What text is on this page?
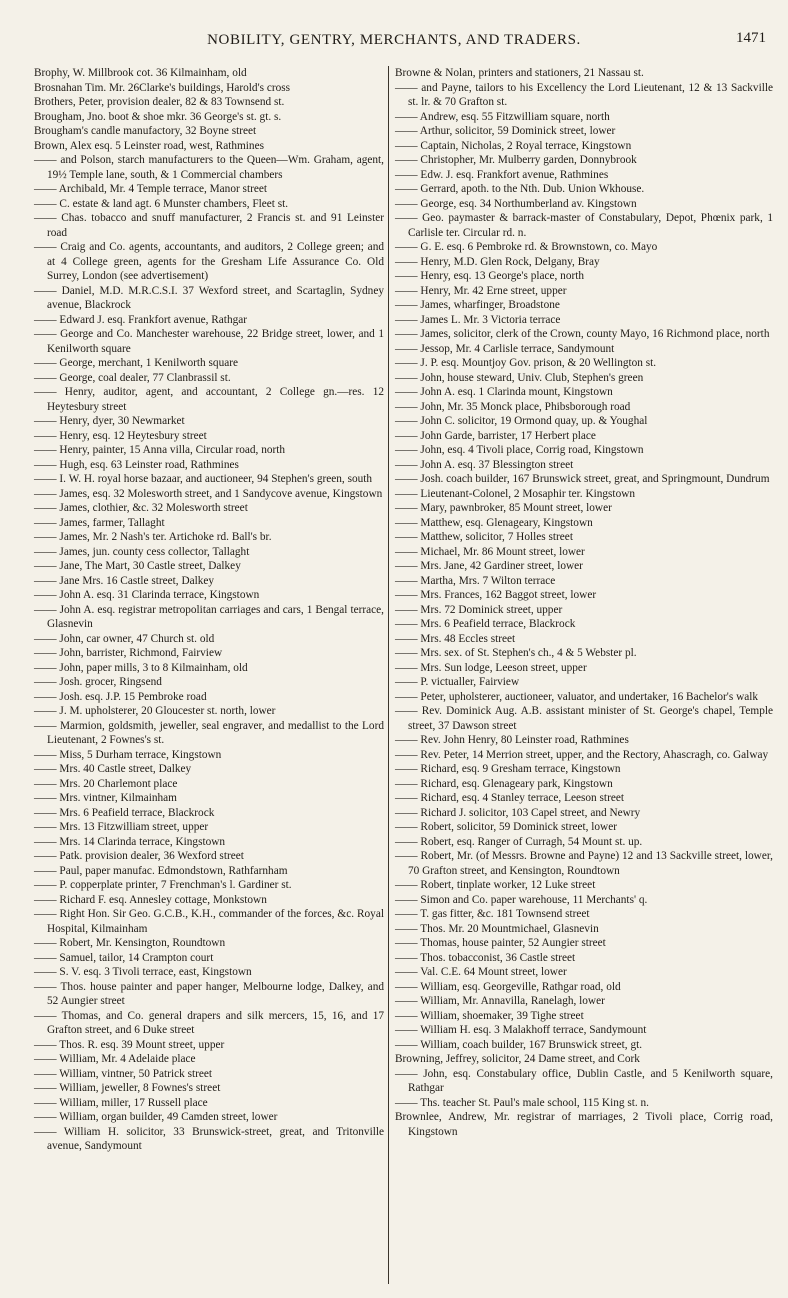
NOBILITY, GENTRY, MERCHANTS, AND TRADERS.	1471

Brophy, W. Millbrook cot. 36 Kilmainham, old

Brosnahan Tim. Mr. 26Clarke's buildings, Harold's cross

Brothers, Peter, provision dealer, 82 & 83 Townsend st.

Brougham, Jno. boot & shoe mkr. 36 George's st. gt. s.

Brougham's candle manufactory, 32 Boyne street

Brown, Alex esq. 5 Leinster road, west, Rathmines

—— and Polson, starch manufacturers to the Queen—Wm. Graham, agent, 19½ Temple lane, south, & 1 Commercial chambers

—— Archibald, Mr. 4 Temple terrace, Manor street

—— C. estate & land agt. 6 Munster chambers, Fleet st.

—— Chas. tobacco and snuff manufacturer, 2 Francis st. and 91 Leinster road

—— Craig and Co. agents, accountants, and auditors, 2 College green; and at 4 College green, agents for the Gresham Life Assurance Co. Old Surrey, London (see advertisement)

—— Daniel, M.D. M.R.C.S.I. 37 Wexford street, and Scartaglin, Sydney avenue, Blackrock

—— Edward J. esq. Frankfort avenue, Rathgar

—— George and Co. Manchester warehouse, 22 Bridge street, lower, and 1 Kenilworth square

—— George, merchant, 1 Kenilworth square

—— George, coal dealer, 77 Clanbrassil st.

—— Henry, auditor, agent, and accountant, 2 College gn.—res. 12 Heytesbury street

—— Henry, dyer, 30 Newmarket

—— Henry, esq. 12 Heytesbury street

—— Henry, painter, 15 Anna villa, Circular road, north

—— Hugh, esq. 63 Leinster road, Rathmines

—— I. W. H. royal horse bazaar, and auctioneer, 94 Stephen's green, south

—— James, esq. 32 Molesworth street, and 1 Sandycove avenue, Kingstown

—— James, clothier, &c. 32 Molesworth street

—— James, farmer, Tallaght

—— James, Mr. 2 Nash's ter. Artichoke rd. Ball's br.

—— James, jun. county cess collector, Tallaght

—— Jane, The Mart, 30 Castle street, Dalkey

—— Jane Mrs. 16 Castle street, Dalkey

—— John A. esq. 31 Clarinda terrace, Kingstown

—— John A. esq. registrar metropolitan carriages and cars, 1 Bengal terrace, Glasnevin

—— John, car owner, 47 Church st. old

—— John, barrister, Richmond, Fairview

—— John, paper mills, 3 to 8 Kilmainham, old

—— Josh. grocer, Ringsend

—— Josh. esq. J.P. 15 Pembroke road

—— J. M. upholsterer, 20 Gloucester st. north, lower

—— Marmion, goldsmith, jeweller, seal engraver, and medallist to the Lord Lieutenant, 2 Fownes's st.

—— Miss, 5 Durham terrace, Kingstown

—— Mrs. 40 Castle street, Dalkey

—— Mrs. 20 Charlemont place

—— Mrs. vintner, Kilmainham

—— Mrs. 6 Peafield terrace, Blackrock

—— Mrs. 13 Fitzwilliam street, upper

—— Mrs. 14 Clarinda terrace, Kingstown

—— Patk. provision dealer, 36 Wexford street

—— Paul, paper manufac. Edmondstown, Rathfarnham

—— P. copperplate printer, 7 Frenchman's l. Gardiner st.

—— Richard F. esq. Annesley cottage, Monkstown

—— Right Hon. Sir Geo. G.C.B., K.H., commander of the forces, &c. Royal Hospital, Kilmainham

—— Robert, Mr. Kensington, Roundtown

—— Samuel, tailor, 14 Crampton court

—— S. V. esq. 3 Tivoli terrace, east, Kingstown

—— Thos. house painter and paper hanger, Melbourne lodge, Dalkey, and 52 Aungier street

—— Thomas, and Co. general drapers and silk mercers, 15, 16, and 17 Grafton street, and 6 Duke street

—— Thos. R. esq. 39 Mount street, upper

—— William, Mr. 4 Adelaide place

—— William, vintner, 50 Patrick street

—— William, jeweller, 8 Fownes's street

—— William, miller, 17 Russell place

—— William, organ builder, 49 Camden street, lower

—— William H. solicitor, 33 Brunswick-street, great, and Tritonville avenue, Sandymount

Browne & Nolan, printers and stationers, 21 Nassau st.

—— and Payne, tailors to his Excellency the Lord Lieutenant, 12 & 13 Sackville st. lr. & 70 Grafton st.

—— Andrew, esq. 55 Fitzwilliam square, north

—— Arthur, solicitor, 59 Dominick street, lower

—— Captain, Nicholas, 2 Royal terrace, Kingstown

—— Christopher, Mr. Mulberry garden, Donnybrook

—— Edw. J. esq. Frankfort avenue, Rathmines

—— Gerrard, apoth. to the Nth. Dub. Union Wkhouse.

—— George, esq. 34 Northumberland av. Kingstown

—— Geo. paymaster & barrack-master of Constabulary, Depot, Phœnix park, 1 Carlisle ter. Circular rd. n.

—— G. E. esq. 6 Pembroke rd. & Brownstown, co. Mayo

—— Henry, M.D. Glen Rock, Delgany, Bray

—— Henry, esq. 13 George's place, north

—— Henry, Mr. 42 Erne street, upper

—— James, wharfinger, Broadstone

—— James L. Mr. 3 Victoria terrace

—— James, solicitor, clerk of the Crown, county Mayo, 16 Richmond place, north

—— Jessop, Mr. 4 Carlisle terrace, Sandymount

—— J. P. esq. Mountjoy Gov. prison, & 20 Wellington st.

—— John, house steward, Univ. Club, Stephen's green

—— John A. esq. 1 Clarinda mount, Kingstown

—— John, Mr. 35 Monck place, Phibsborough road

—— John C. solicitor, 19 Ormond quay, up. & Youghal

—— John Garde, barrister, 17 Herbert place

—— John, esq. 4 Tivoli place, Corrig road, Kingstown

—— John A. esq. 37 Blessington street

—— Josh. coach builder, 167 Brunswick street, great, and Springmount, Dundrum

—— Lieutenant-Colonel, 2 Mosaphir ter. Kingstown

—— Mary, pawnbroker, 85 Mount street, lower

—— Matthew, esq. Glenageary, Kingstown

—— Matthew, solicitor, 7 Holles street

—— Michael, Mr. 86 Mount street, lower

—— Mrs. Jane, 42 Gardiner street, lower

—— Martha, Mrs. 7 Wilton terrace

—— Mrs. Frances, 162 Baggot street, lower

—— Mrs. 72 Dominick street, upper

—— Mrs. 6 Peafield terrace, Blackrock

—— Mrs. 48 Eccles street

—— Mrs. sex. of St. Stephen's ch., 4 & 5 Webster pl.

—— Mrs. Sun lodge, Leeson street, upper

—— P. victualler, Fairview

—— Peter, upholsterer, auctioneer, valuator, and undertaker, 16 Bachelor's walk

—— Rev. Dominick Aug. A.B. assistant minister of St. George's chapel, Temple street, 37 Dawson street

—— Rev. John Henry, 80 Leinster road, Rathmines

—— Rev. Peter, 14 Merrion street, upper, and the Rectory, Ahascragh, co. Galway

—— Richard, esq. 9 Gresham terrace, Kingstown

—— Richard, esq. Glenageary park, Kingstown

—— Richard, esq. 4 Stanley terrace, Leeson street

—— Richard J. solicitor, 103 Capel street, and Newry

—— Robert, solicitor, 59 Dominick street, lower

—— Robert, esq. Ranger of Curragh, 54 Mount st. up.

—— Robert, Mr. (of Messrs. Browne and Payne) 12 and 13 Sackville street, lower, 70 Grafton street, and Kensington, Roundtown

—— Robert, tinplate worker, 12 Luke street

—— Simon and Co. paper warehouse, 11 Merchants' q.

—— T. gas fitter, &c. 181 Townsend street

—— Thos. Mr. 20 Mountmichael, Glasnevin

—— Thomas, house painter, 52 Aungier street

—— Thos. tobacconist, 36 Castle street

—— Val. C.E. 64 Mount street, lower

—— William, esq. Georgeville, Rathgar road, old

—— William, Mr. Annavilla, Ranelagh, lower

—— William, shoemaker, 39 Tighe street

—— William H. esq. 3 Malakhoff terrace, Sandymount

—— William, coach builder, 167 Brunswick street, gt.

Browning, Jeffrey, solicitor, 24 Dame street, and Cork

—— John, esq. Constabulary office, Dublin Castle, and 5 Kenilworth square, Rathgar

—— Ths. teacher St. Paul's male school, 115 King st. n.

Brownlee, Andrew, Mr. registrar of marriages, 2 Tivoli place, Corrig road, Kingstown
